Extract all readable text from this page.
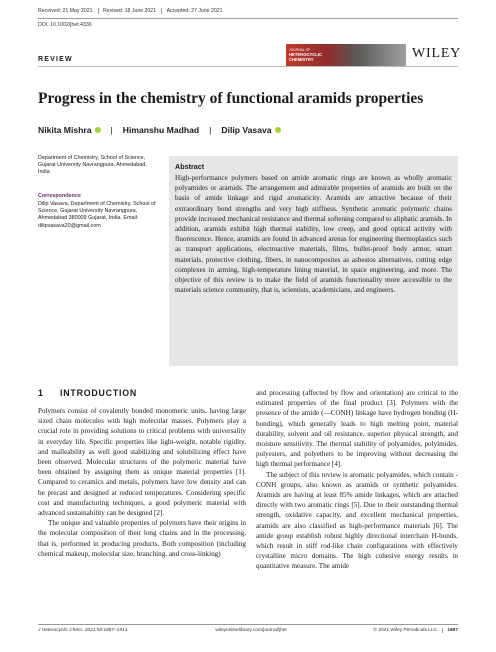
Received: 21 May 2021 Revised: 18 June 2021 Accepted: 27 June 2021
DOI: 10.1002/jhet.4336
REVIEW
JOURNAL OF
HETEROCYCLIC
CHEMISTRY	WILEY
Progress in the chemistry of functional aramids properties
Nikita Mishra | Himanshu Madhad | Dilip Vasava
Department of Chemistry, School of Science, Gujarat University Navrangpura, Ahmedabad, India
Correspondence
Dilip Vasava, Department of Chemistry, School of Science, Gujarat University Navrangpura, Ahmedabad 380009 Gujarat, India. Email: dilipvasava20@gmail.com
Abstract
High-performance polymers based on amide aromatic rings are known as wholly aromatic polyamides or aramids. The arrangement and admirable properties of aramids are built on the basis of amide linkage and rigid aromaticity. Aramids are attractive because of their extraordinary bond strengths and very high stiffness. Synthetic aromatic polymeric chains provide increased mechanical resistance and thermal softening compared to aliphatic aramids. In addition, aramids exhibit high thermal stability, low creep, and good optical activity with fluorescence. Hence, aramids are found in advanced arenas for engineering thermoplastics such as transport applications, electroactive materials, films, bullet-proof body armor, smart materials, protective clothing, fibers, in nanocomposites as asbestos alternatives, cutting edge complexes in arming, high-temperature lining material, in space engineering, and more. The objective of this review is to make the field of aramids functionality more accessible to the materials science community, that is, scientists, academicians, and engineers.
1	INTRODUCTION

Polymers consist of covalently bonded monomeric units, having large sized chain molecules with high molecular masses. Polymers play a crucial role in providing solutions to critical problems with universality in everyday life. Specific properties like light-weight, notable rigidity, and malleability as well good stabilizing and solubilizing effect have been observed. Molecular structures of the polymeric material have been obtained by assigning them as unique material properties [1]. Compared to ceramics and metals, polymers have low density and can be precast and designed at reduced temperatures. Considering specific cost and manufacturing techniques, a good polymeric material with advanced sustainability can be designed [2].

The unique and valuable properties of polymers have their origins in the molecular composition of their long chains and in the processing, that is, performed in producing products. Both composition (including chemical makeup, molecular size, branching, and cross-linking)

and processing (affected by flow and orientation) are critical to the estimated properties of the final product [3]. Polymers with the presence of the amide (—CONH) linkage have hydrogen bonding (H-bonding), which generally leads to high melting point, material durability, solvent and oil resistance, superior physical strength, and moisture sensitivity. The thermal stability of polyamides, polyimides, polyesters, and polyethers to be improving without decreasing the high thermal performance [4].

The subject of this review is aromatic polyamides, which contain -CONH groups, also known as aramids or synthetic polyamides. Aramids are having at least 85% amide linkages, which are attached directly with two aromatic rings [5]. Due to their outstanding thermal strength, oxidative capacity, and excellent mechanical properties, aramids are also classified as high-performance materials [6]. The amide group establish robust highly directional interchain H-bonds, which result in stiff rod-like chain configurations with effectively crystalline micro domains. The high cohesive energy results in quantitative measure. The amide

J Heterocyclic Chem. 2021;58:1887–1913.	wileyonlinelibrary.com/journal/jhet	© 2021 Wiley Periodicals LLC.	1887
